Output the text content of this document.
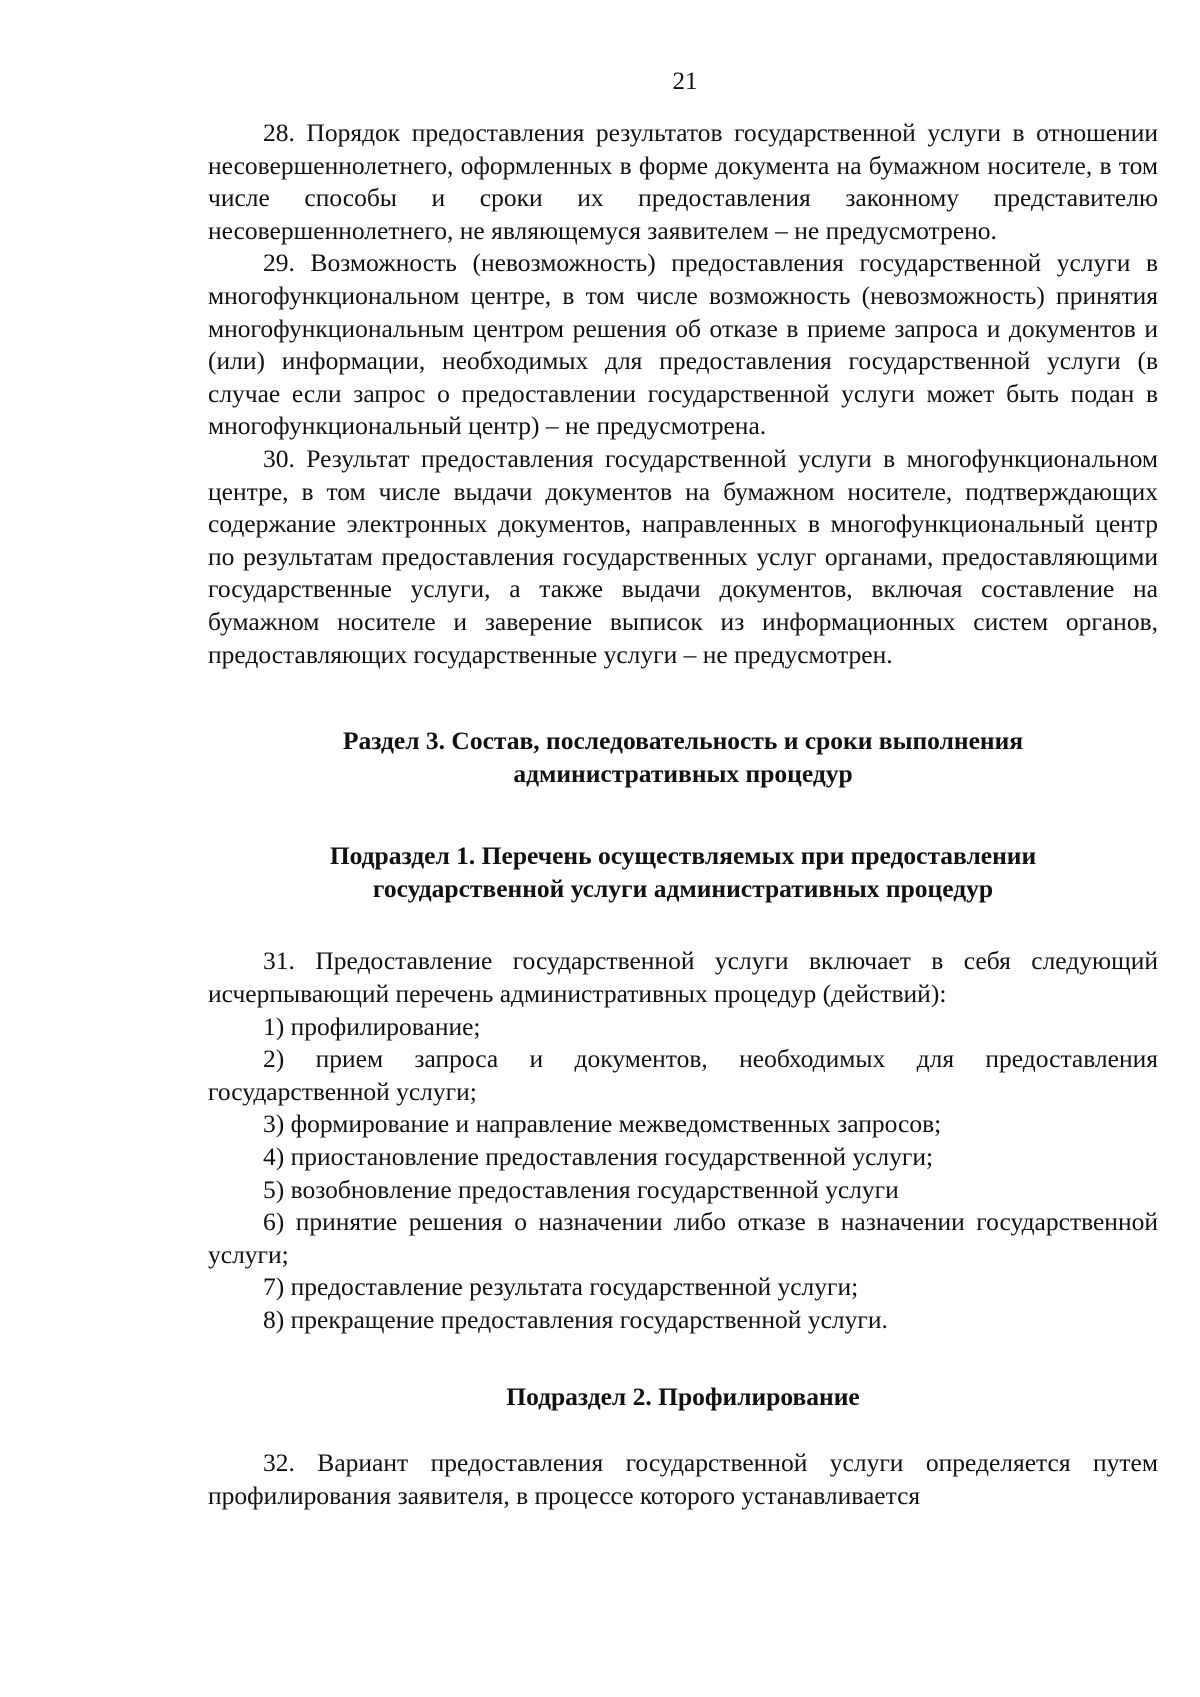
21

28. Порядок предоставления результатов государственной услуги в отношении несовершеннолетнего, оформленных в форме документа на бумажном носителе, в том числе способы и сроки их предоставления законному представителю несовершеннолетнего, не являющемуся заявителем – не предусмотрено.

29. Возможность (невозможность) предоставления государственной услуги в многофункциональном центре, в том числе возможность (невозможность) принятия многофункциональным центром решения об отказе в приеме запроса и документов и (или) информации, необходимых для предоставления государственной услуги (в случае если запрос о предоставлении государственной услуги может быть подан в многофункциональный центр) – не предусмотрена.

30. Результат предоставления государственной услуги в многофункциональном центре, в том числе выдачи документов на бумажном носителе, подтверждающих содержание электронных документов, направленных в многофункциональный центр по результатам предоставления государственных услуг органами, предоставляющими государственные услуги, а также выдачи документов, включая составление на бумажном носителе и заверение выписок из информационных систем органов, предоставляющих государственные услуги – не предусмотрен.

Раздел 3. Состав, последовательность и сроки выполнения
административных процедур
Подраздел 1. Перечень осуществляемых при предоставлении
государственной услуги административных процедур

31. Предоставление государственной услуги включает в себя следующий исчерпывающий перечень административных процедур (действий):

1) профилирование;
2) прием запроса и документов, необходимых для предоставления государственной услуги;
3) формирование и направление межведомственных запросов;
4) приостановление предоставления государственной услуги;
5) возобновление предоставления государственной услуги
6) принятие решения о назначении либо отказе в назначении государственной услуги;
7) предоставление результата государственной услуги;
8) прекращение предоставления государственной услуги.
Подраздел 2. Профилирование

32. Вариант предоставления государственной услуги определяется путем профилирования заявителя, в процессе которого устанавливается
